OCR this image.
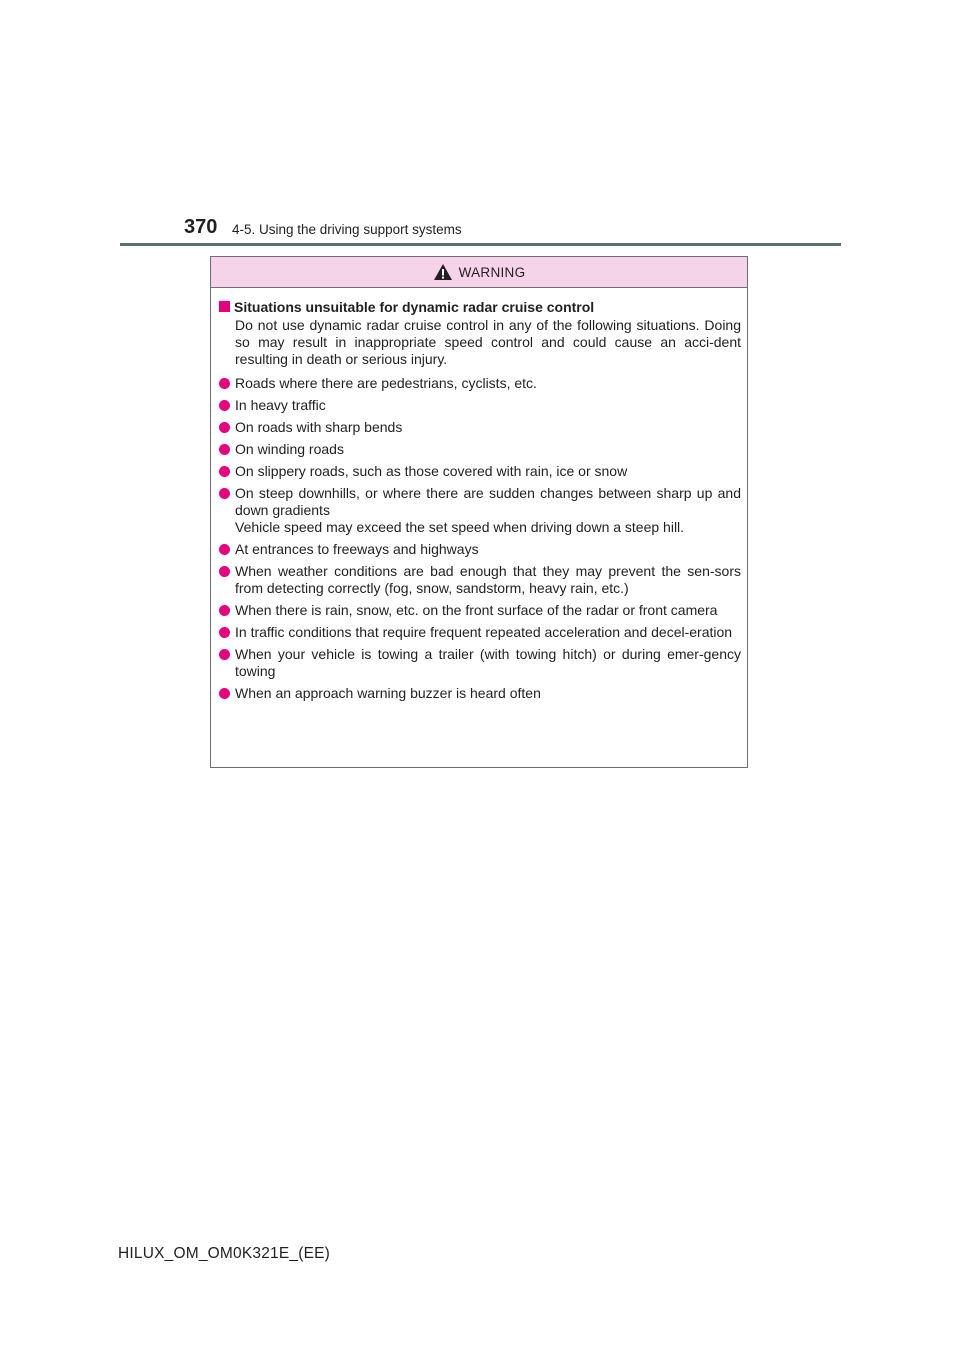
370 4-5. Using the driving support systems
WARNING
Situations unsuitable for dynamic radar cruise control
Do not use dynamic radar cruise control in any of the following situations. Doing so may result in inappropriate speed control and could cause an acci-dent resulting in death or serious injury.
Roads where there are pedestrians, cyclists, etc.
In heavy traffic
On roads with sharp bends
On winding roads
On slippery roads, such as those covered with rain, ice or snow
On steep downhills, or where there are sudden changes between sharp up and down gradients
Vehicle speed may exceed the set speed when driving down a steep hill.
At entrances to freeways and highways
When weather conditions are bad enough that they may prevent the sen-sors from detecting correctly (fog, snow, sandstorm, heavy rain, etc.)
When there is rain, snow, etc. on the front surface of the radar or front camera
In traffic conditions that require frequent repeated acceleration and decel-eration
When your vehicle is towing a trailer (with towing hitch) or during emer-gency towing
When an approach warning buzzer is heard often
HILUX_OM_OM0K321E_(EE)
